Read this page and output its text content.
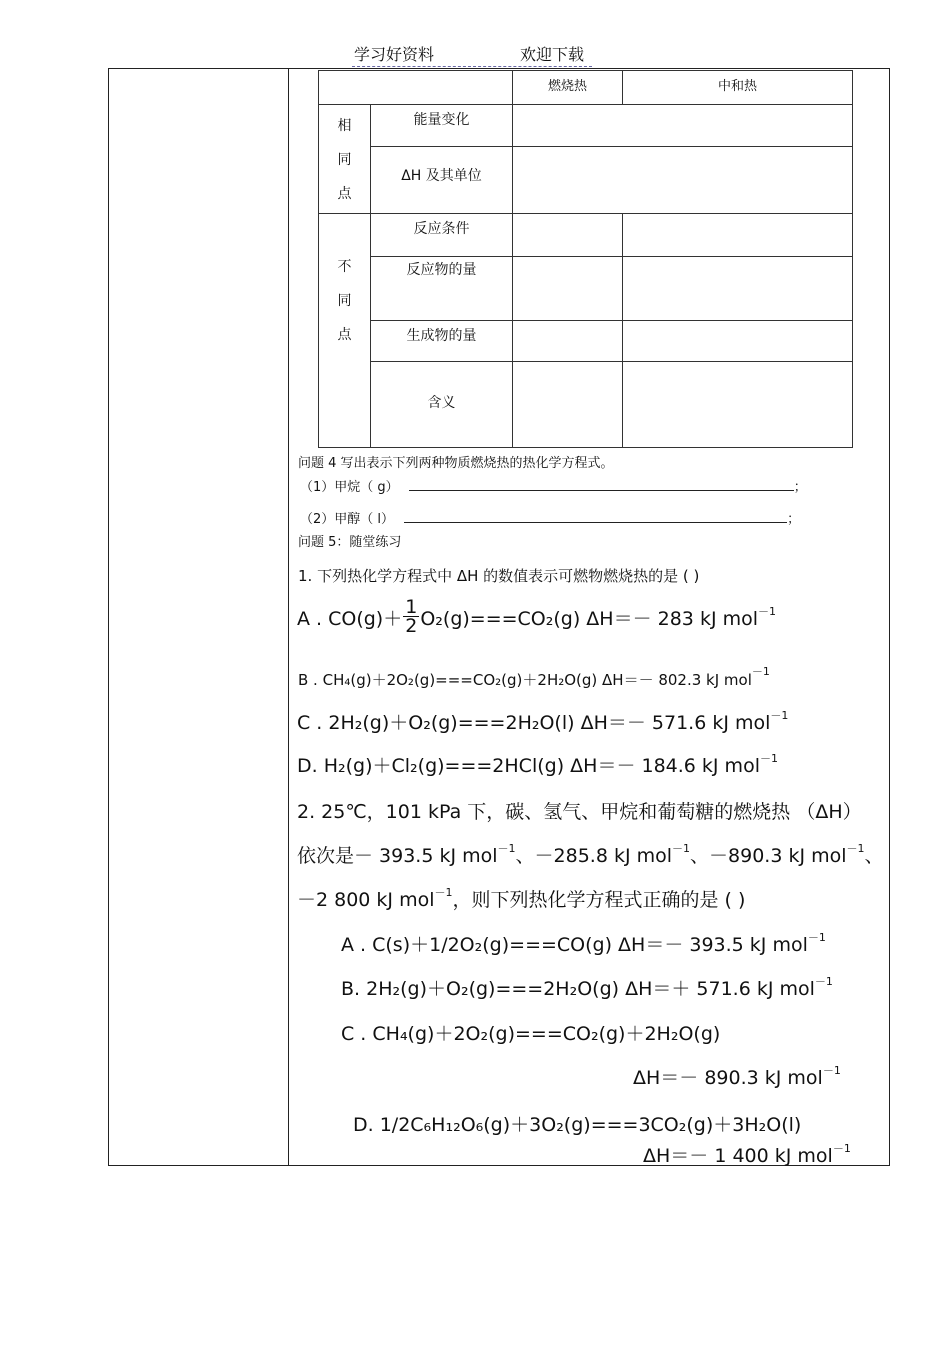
学习好资料	欢迎下载
		燃烧热	中和热

相
同
点	能量变化		
	ΔH 及其单位		

不
同
点	反应条件		
	反应物的量		
	生成物的量		
	含义		
问题 4 写出表示下列两种物质燃烧热的热化学方程式。
（1）甲烷（ g）	；
（2）甲醇（ l）	；
问题 5：随堂练习
1. 下列热化学方程式中 ΔH 的数值表示可燃物燃烧热的是 ( )
A . $CO(g)+ \frac{1}{2} O_2(g)===CO_2(g)$ ΔH＝－ 283 kJ mol$^{-1}$
B . CH₄(g)＋2O₂(g)===CO₂(g)＋2H₂O(g) ΔH＝－ 802.3 kJ mol$^{-1}$
C . 2H₂(g)＋O₂(g)===2H₂O(l) ΔH＝－ 571.6 kJ mol$^{-1}$
D. H₂(g)＋Cl₂(g)===2HCl(g) ΔH＝－ 184.6 kJ mol$^{-1}$
2. 25℃，101 kPa 下，碳、氢气、甲烷和葡萄糖的燃烧热 （ΔH）
依次是－ 393.5 kJ mol$^{-1}$、－285.8 kJ mol$^{-1}$、－890.3 kJ mol$^{-1}$、
－2 800 kJ mol$^{-1}$，则下列热化学方程式正确的是 ( )
A . C(s)＋1/2O₂(g)===CO(g) ΔH＝－ 393.5 kJ mol$^{-1}$
B. 2H₂(g)＋O₂(g)===2H₂O(g) ΔH＝＋ 571.6 kJ mol$^{-1}$
C . CH₄(g)＋2O₂(g)===CO₂(g)＋2H₂O(g)
ΔH＝－ 890.3 kJ mol$^{-1}$
D. 1/2C₆H₁₂O₆(g)＋3O₂(g)===3CO₂(g)＋3H₂O(l)
ΔH＝－ 1 400 kJ mol$^{-1}$
